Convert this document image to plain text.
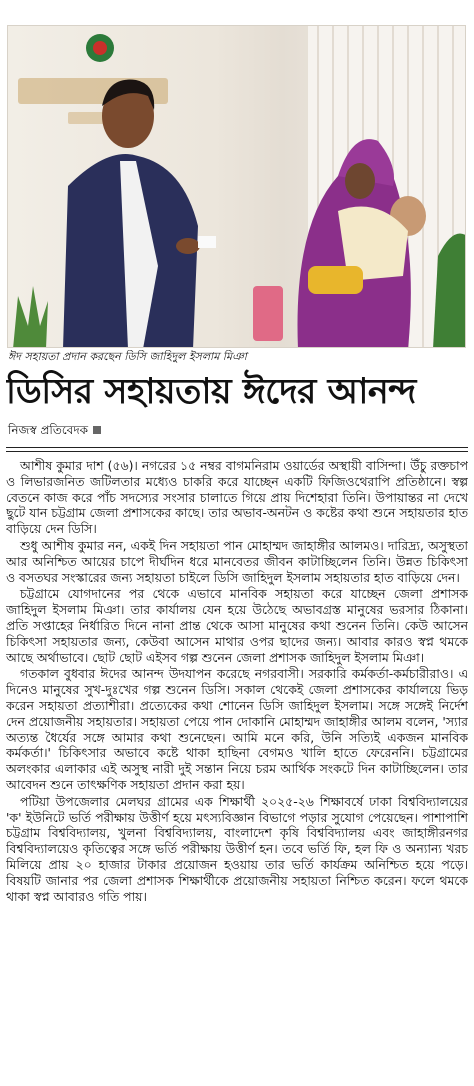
ঈদ সহায়তা প্রদান করছেন ডিসি জাহিদুল ইসলাম মিঞা
ডিসির সহায়তায় ঈদের আনন্দ
নিজস্ব প্রতিবেদক

আশীষ কুমার দাশ (৫৬)। নগরের ১৫ নম্বর বাগমনিরাম ওয়ার্ডের অস্থায়ী বাসিন্দা। উঁচু রক্তচাপ ও লিভারজনিত জটিলতার মধ্যেও চাকরি করে যাচ্ছেন একটি ফিজিওথেরাপি প্রতিষ্ঠানে। স্বল্প বেতনে কাজ করে পাঁচ সদস্যের সংসার চালাতে গিয়ে প্রায় দিশেহারা তিনি। উপায়ান্তর না দেখে ছুটে যান চট্টগ্রাম জেলা প্রশাসকের কাছে। তার অভাব-অনটন ও কষ্টের কথা শুনে সহায়তার হাত বাড়িয়ে দেন ডিসি।

শুধু আশীষ কুমার নন, একই দিন সহায়তা পান মোহাম্মদ জাহাঙ্গীর আলমও। দারিদ্র্য, অসুস্থতা আর অনিশ্চিত আয়ের চাপে দীর্ঘদিন ধরে মানবেতর জীবন কাটাচ্ছিলেন তিনি। উন্নত চিকিৎসা ও বসতঘর সংস্কারের জন্য সহায়তা চাইলে ডিসি জাহিদুল ইসলাম সহায়তার হাত বাড়িয়ে দেন।

চট্টগ্রামে যোগদানের পর থেকে এভাবে মানবিক সহায়তা করে যাচ্ছেন জেলা প্রশাসক জাহিদুল ইসলাম মিঞা। তার কার্যালয় যেন হয়ে উঠেছে অভাবগ্রস্ত মানুষের ভরসার ঠিকানা। প্রতি সপ্তাহের নির্ধারিত দিনে নানা প্রান্ত থেকে আসা মানুষের কথা শুনেন তিনি। কেউ আসেন চিকিৎসা সহায়তার জন্য, কেউবা আসেন মাথার ওপর ছাদের জন্য। আবার কারও স্বপ্ন থমকে আছে অর্থাভাবে। ছোট ছোট এইসব গল্প শুনেন জেলা প্রশাসক জাহিদুল ইসলাম মিঞা।

গতকাল বুধবার ঈদের আনন্দ উদযাপন করেছে নগরবাসী। সরকারি কর্মকর্তা-কর্মচারীরাও। এ দিনেও মানুষের সুখ-দুঃখের গল্প শুনেন ডিসি। সকাল থেকেই জেলা প্রশাসকের কার্যালয়ে ভিড় করেন সহায়তা প্রত্যাশীরা। প্রত্যেকের কথা শোনেন ডিসি জাহিদুল ইসলাম। সঙ্গে সঙ্গেই নির্দেশ দেন প্রয়োজনীয় সহায়তার। সহায়তা পেয়ে পান দোকানি মোহাম্মদ জাহাঙ্গীর আলম বলেন, 'স্যার অত্যন্ত ধৈর্যের সঙ্গে আমার কথা শুনেছেন। আমি মনে করি, উনি সত্যিই একজন মানবিক কর্মকর্তা।' চিকিৎসার অভাবে কষ্টে থাকা হাছিনা বেগমও খালি হাতে ফেরেননি। চট্টগ্রামের অলংকার এলাকার এই অসুস্থ নারী দুই সন্তান নিয়ে চরম আর্থিক সংকটে দিন কাটাচ্ছিলেন। তার আবেদন শুনে তাৎক্ষণিক সহায়তা প্রদান করা হয়।

পটিয়া উপজেলার মেলঘর গ্রামের এক শিক্ষার্থী ২০২৫-২৬ শিক্ষাবর্ষে ঢাকা বিশ্ববিদ্যালয়ের 'ক' ইউনিটে ভর্তি পরীক্ষায় উত্তীর্ণ হয়ে মৎস্যবিজ্ঞান বিভাগে পড়ার সুযোগ পেয়েছেন। পাশাপাশি চট্টগ্রাম বিশ্ববিদ্যালয়, খুলনা বিশ্ববিদ্যালয়, বাংলাদেশ কৃষি বিশ্ববিদ্যালয় এবং জাহাঙ্গীরনগর বিশ্ববিদ্যালয়েও কৃতিত্বের সঙ্গে ভর্তি পরীক্ষায় উত্তীর্ণ হন। তবে ভর্তি ফি, হল ফি ও অন্যান্য খরচ মিলিয়ে প্রায় ২০ হাজার টাকার প্রয়োজন হওয়ায় তার ভর্তি কার্যক্রম অনিশ্চিত হয়ে পড়ে। বিষয়টি জানার পর জেলা প্রশাসক শিক্ষার্থীকে প্রয়োজনীয় সহায়তা নিশ্চিত করেন। ফলে থমকে থাকা স্বপ্ন আবারও গতি পায়।
